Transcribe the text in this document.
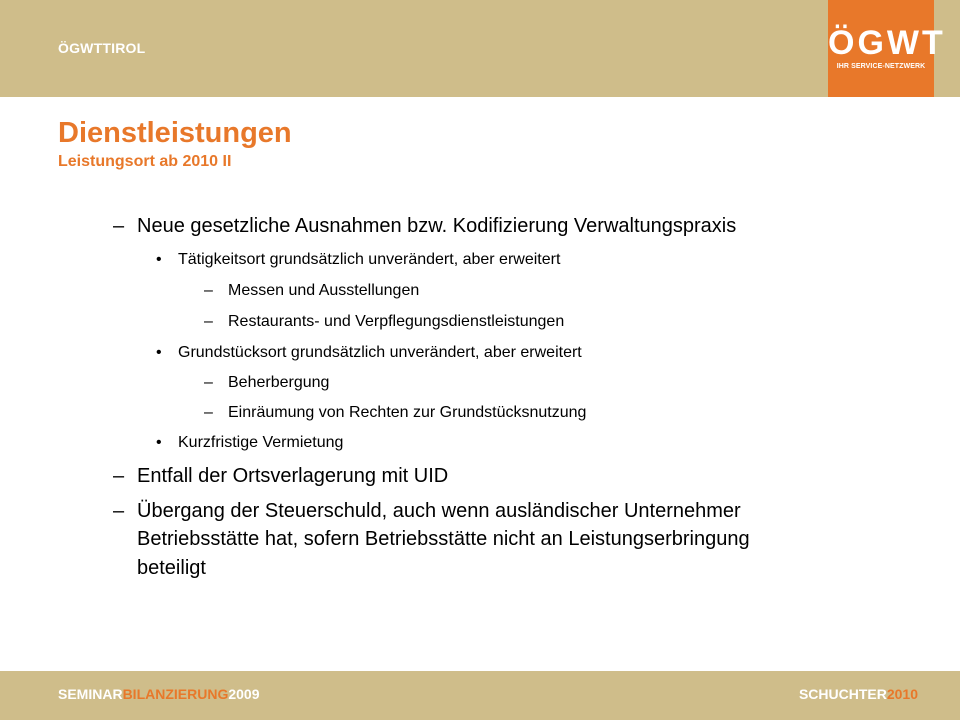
ÖGWTTIROL	ÖGWT
IHR SERVICE-NETZWERK
Dienstleistungen
Leistungsort ab 2010 II
– Neue gesetzliche Ausnahmen bzw. Kodifizierung Verwaltungspraxis
• Tätigkeitsort grundsätzlich unverändert, aber erweitert
– Messen und Ausstellungen
– Restaurants- und Verpflegungsdienstleistungen
• Grundstücksort grundsätzlich unverändert, aber erweitert
– Beherbergung
– Einräumung von Rechten zur Grundstücksnutzung
• Kurzfristige Vermietung
– Entfall der Ortsverlagerung mit UID
– Übergang der Steuerschuld, auch wenn ausländischer Unternehmer
Betriebsstätte hat, sofern Betriebsstätte nicht an Leistungserbringung
beteiligt
SEMINARBILANZIERUNG2009	SCHUCHTER2010
